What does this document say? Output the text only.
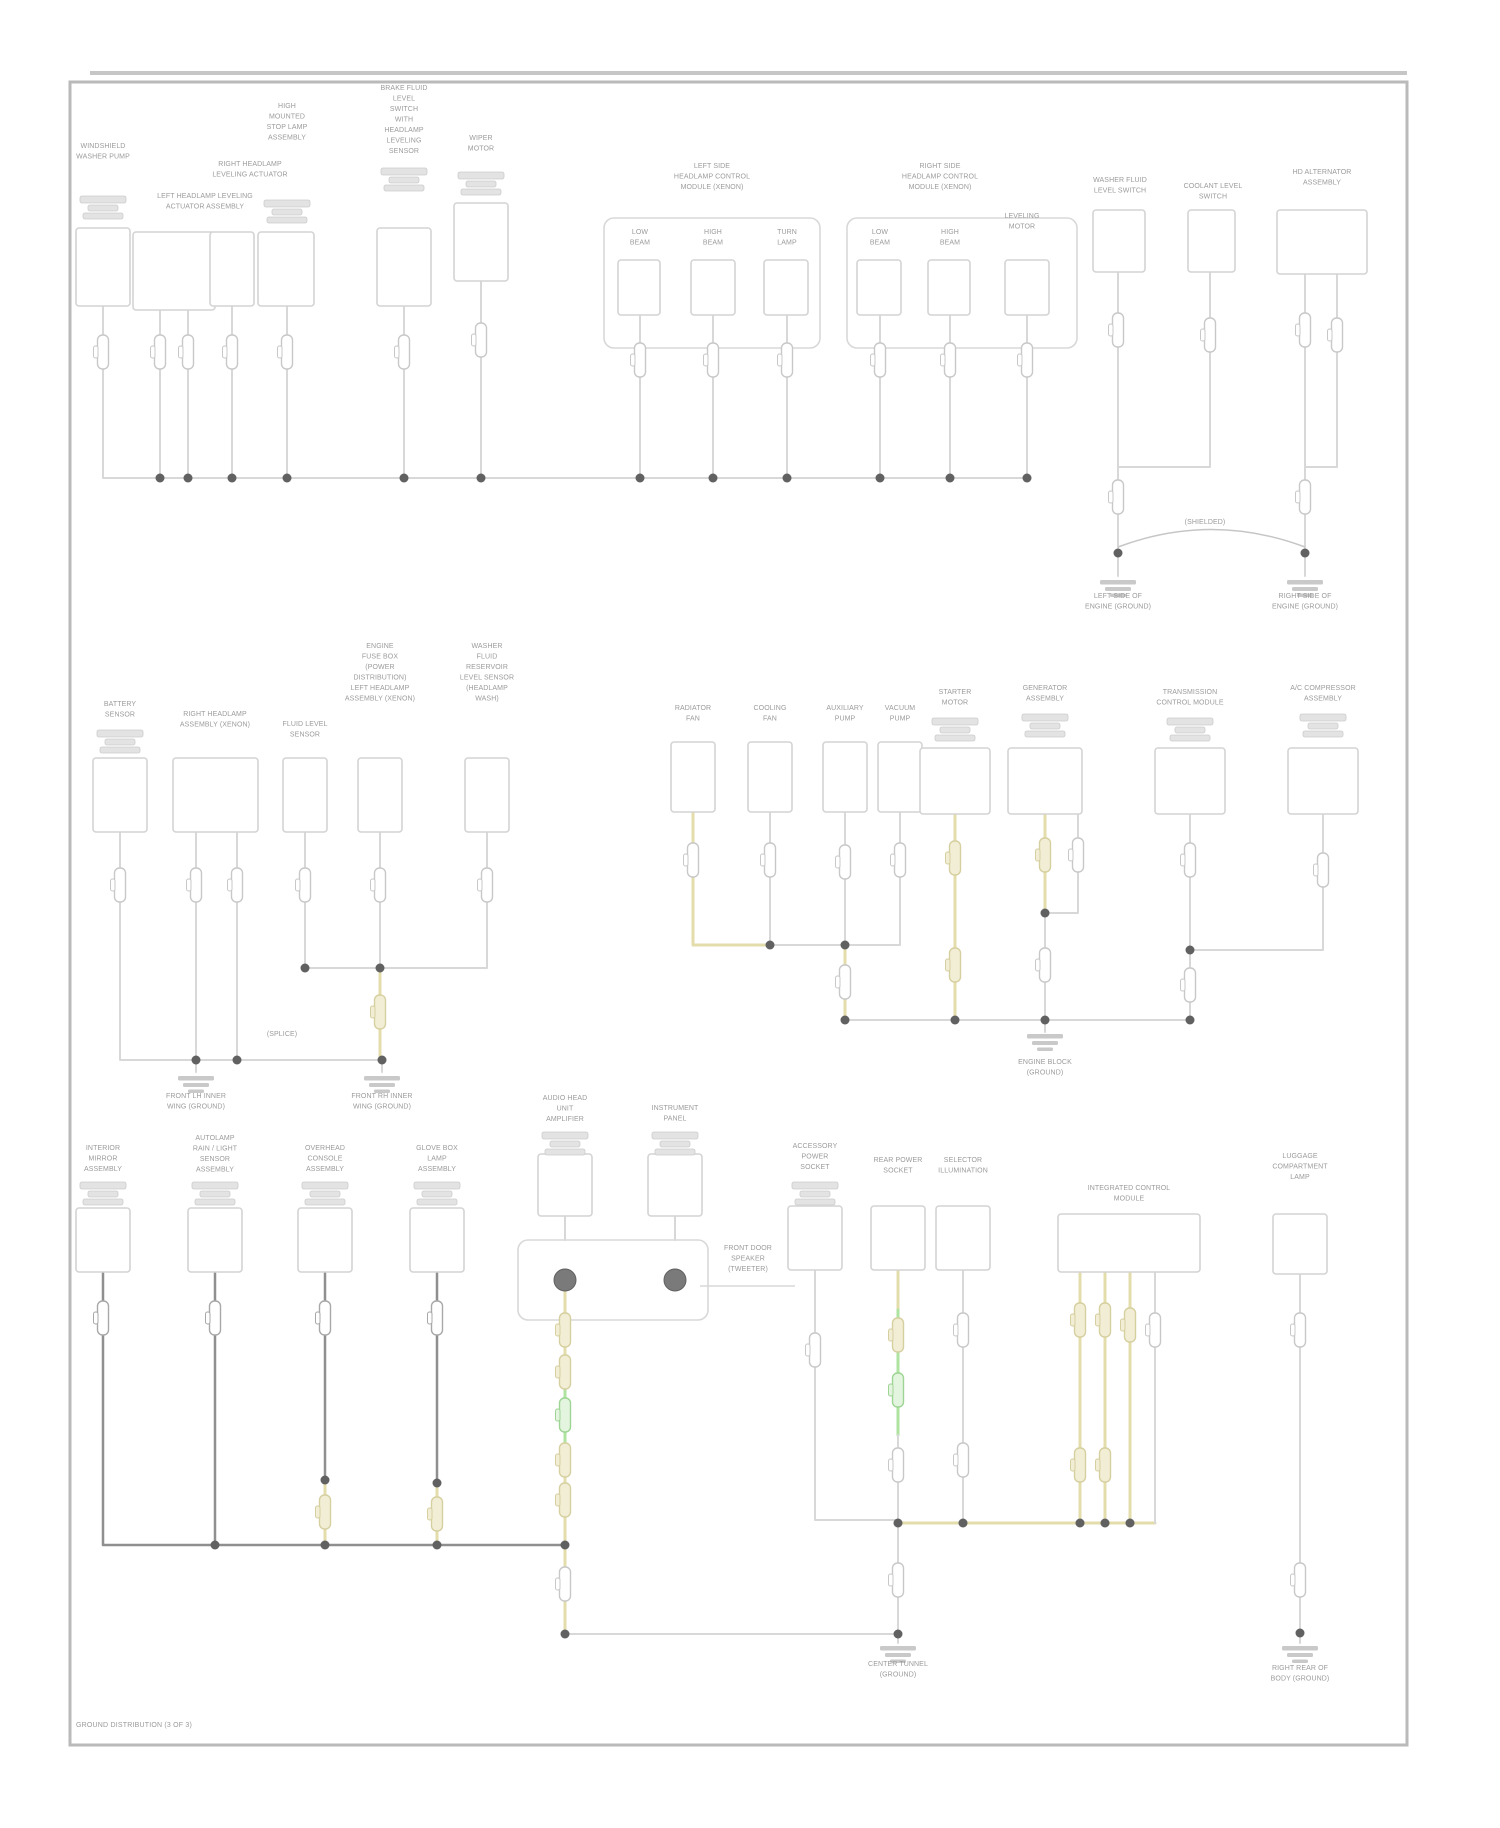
WINDSHIELD WASHER PUMP
LEFT HEADLAMP LEVELING ACTUATOR ASSEMBLY
RIGHT HEADLAMP LEVELING ACTUATOR
HIGH MOUNTED STOP LAMP ASSEMBLY
BRAKE FLUID LEVEL SWITCH WITH HEADLAMP LEVELING SENSOR
WIPER MOTOR
LEFT SIDE HEADLAMP CONTROL MODULE (XENON)
LOW BEAM
HIGH BEAM
TURN LAMP
RIGHT SIDE HEADLAMP CONTROL MODULE (XENON)
LOW BEAM
HIGH BEAM
LEVELING MOTOR
WASHER FLUID LEVEL SWITCH
COOLANT LEVEL SWITCH
HD ALTERNATOR ASSEMBLY
(SHIELDED)
LEFT SIDE OF ENGINE (GROUND)
RIGHT SIDE OF ENGINE (GROUND)
BATTERY SENSOR	RIGHT HEADLAMP ASSEMBLY (XENON)	FLUID LEVEL SENSOR
ENGINE FUSE BOX (POWER DISTRIBUTION) LEFT HEADLAMP ASSEMBLY (XENON)
WASHER FLUID RESERVOIR LEVEL SENSOR (HEADLAMP WASH)
(SPLICE)
FRONT LH INNER WING (GROUND)
FRONT RH INNER WING (GROUND)
RADIATOR FAN
COOLING FAN
AUXILIARY PUMP
VACUUM PUMP
STARTER MOTOR
GENERATOR ASSEMBLY
TRANSMISSION CONTROL MODULE
A/C COMPRESSOR ASSEMBLY
ENGINE BLOCK (GROUND)
INTERIOR MIRROR ASSEMBLY
AUTOLAMP RAIN / LIGHT SENSOR ASSEMBLY
OVERHEAD CONSOLE ASSEMBLY
GLOVE BOX LAMP ASSEMBLY
AUDIO HEAD UNIT AMPLIFIER
INSTRUMENT PANEL
FRONT DOOR SPEAKER (TWEETER)
CENTER TUNNEL (GROUND)
ACCESSORY POWER SOCKET
REAR POWER SOCKET
SELECTOR ILLUMINATION
INTEGRATED CONTROL MODULE
LUGGAGE COMPARTMENT LAMP
RIGHT REAR OF BODY (GROUND)
GROUND DISTRIBUTION (3 OF 3)
